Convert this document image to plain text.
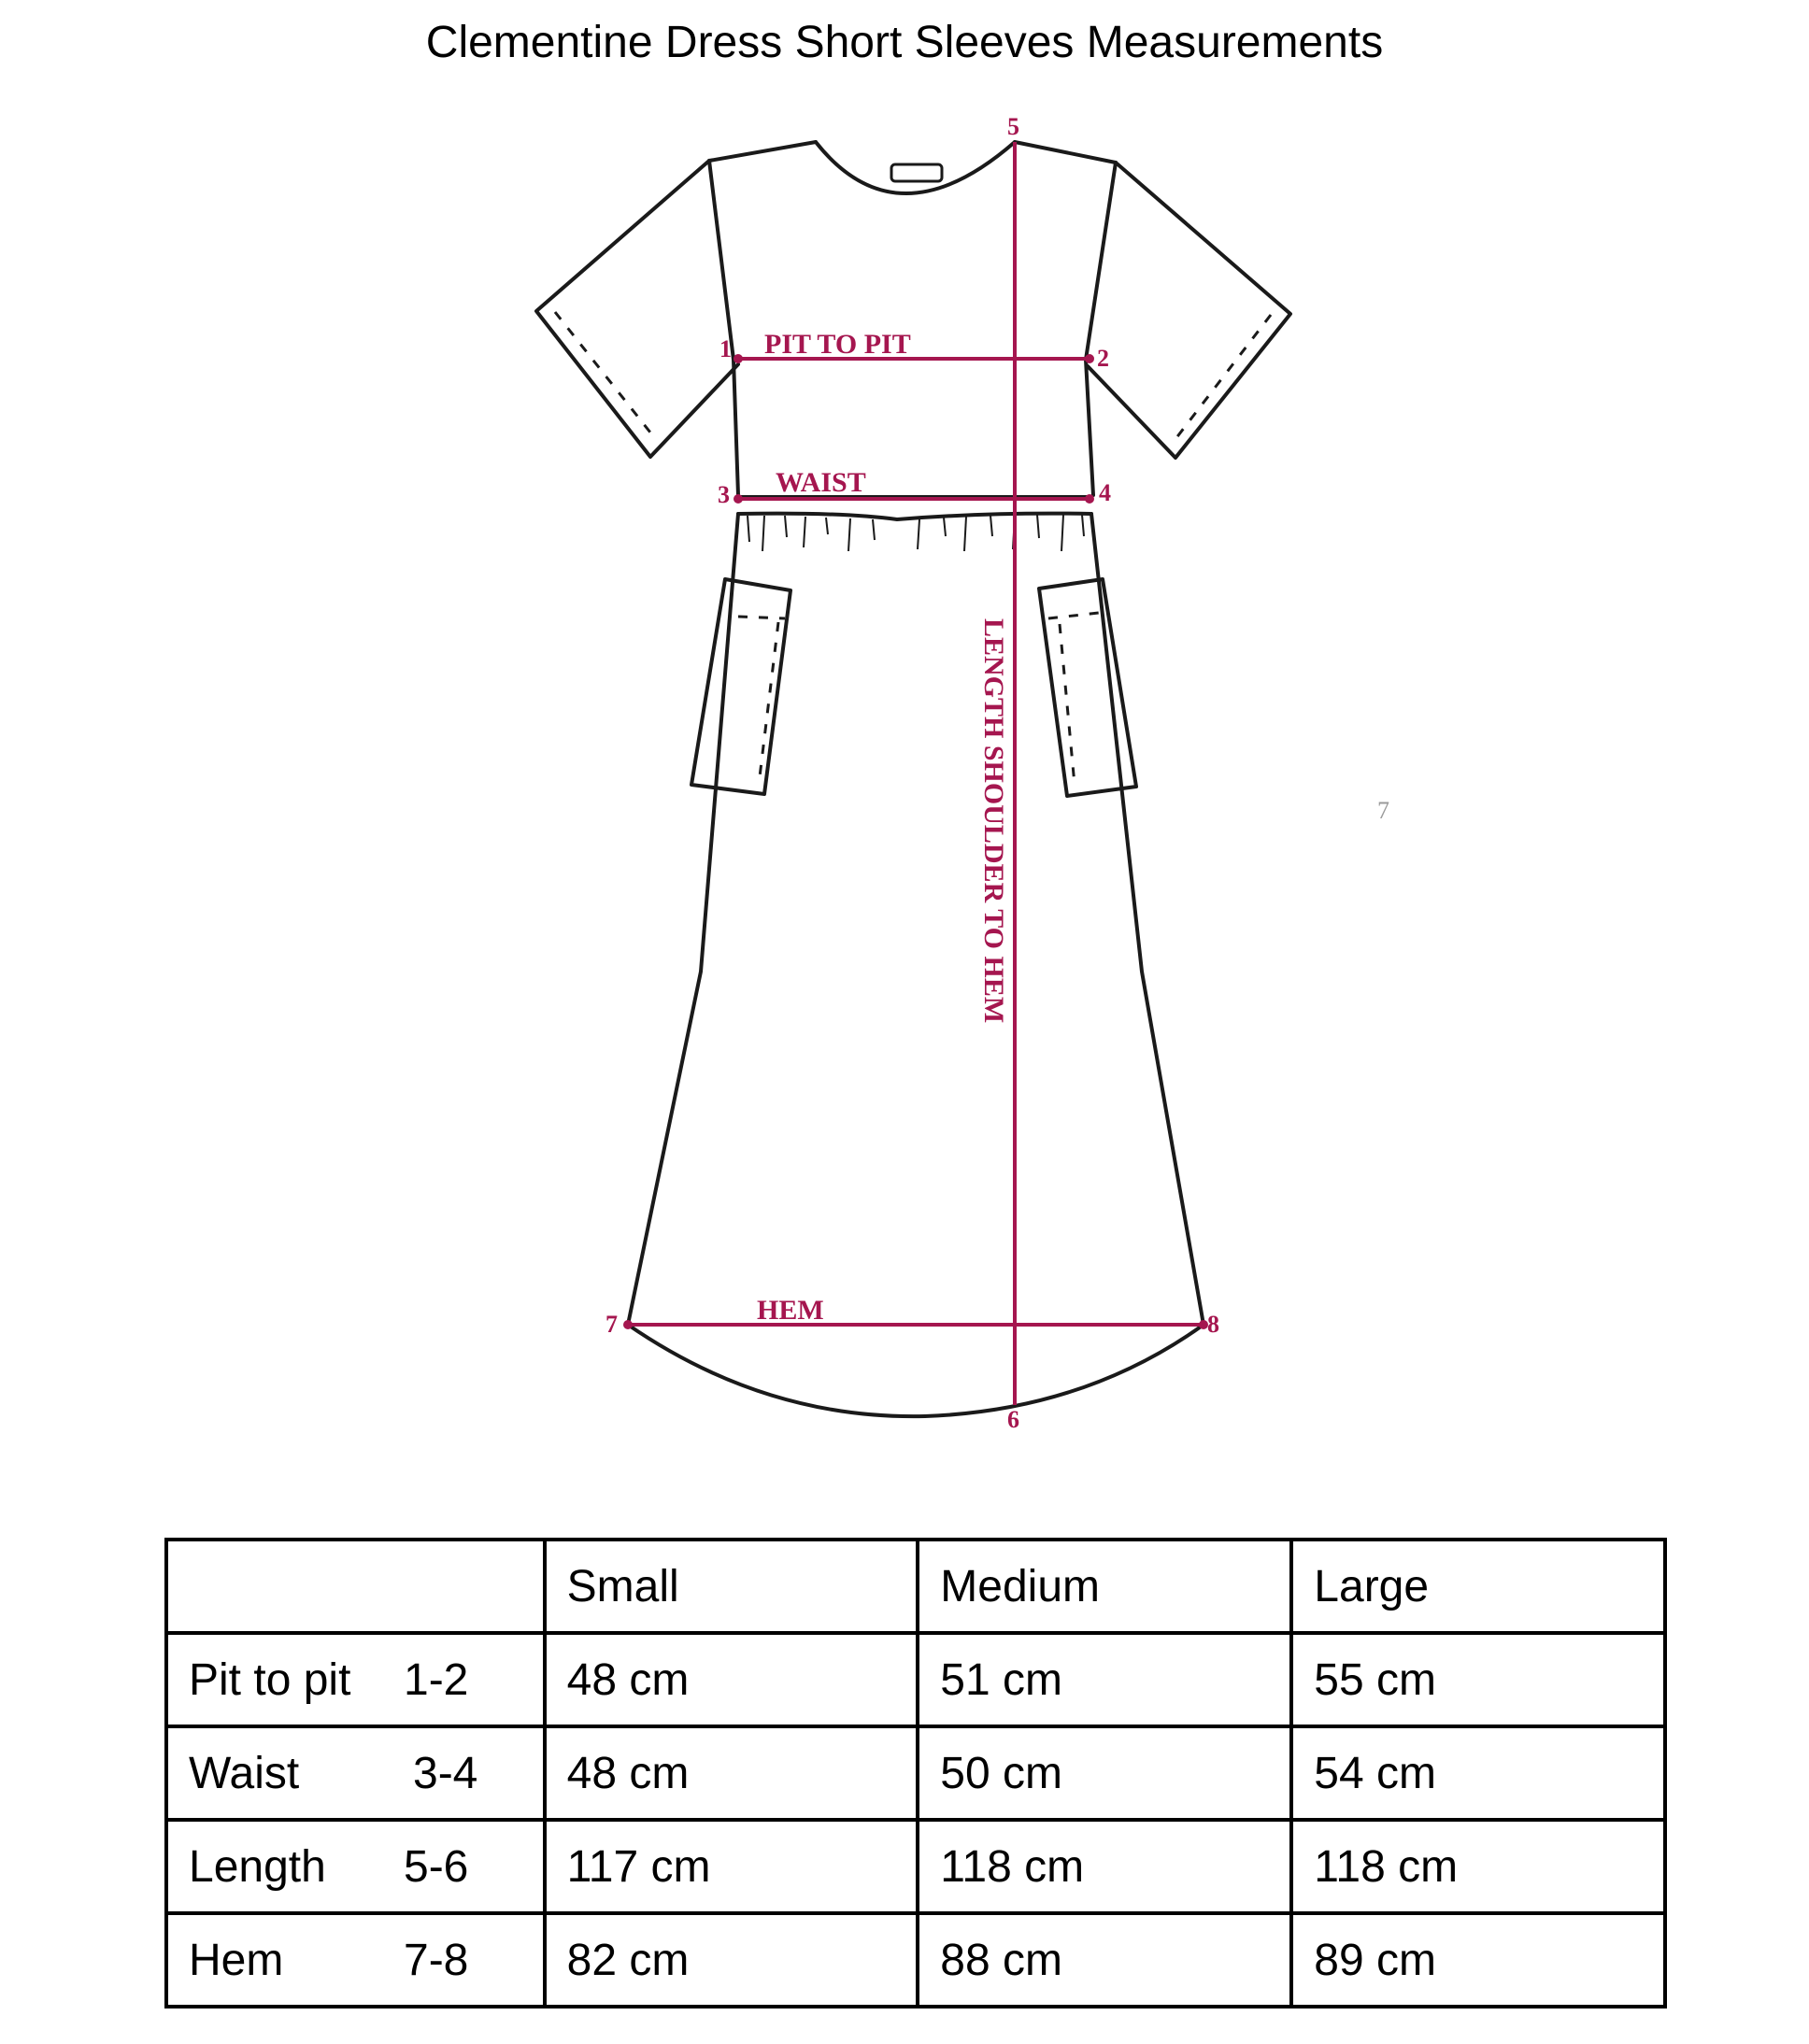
Clementine Dress Short Sleeves Measurements
PIT TO PIT
WAIST
HEM
LENGTH SHOULDER TO HEM
1	2
3	4
5
6
7	8
7
	Small	Medium	Large
Pit to pit 1-2	48 cm	51 cm	55 cm
Waist 3-4	48 cm	50 cm	54 cm
Length 5-6	117 cm	118 cm	118 cm
Hem 7-8	82 cm	88 cm	89 cm
